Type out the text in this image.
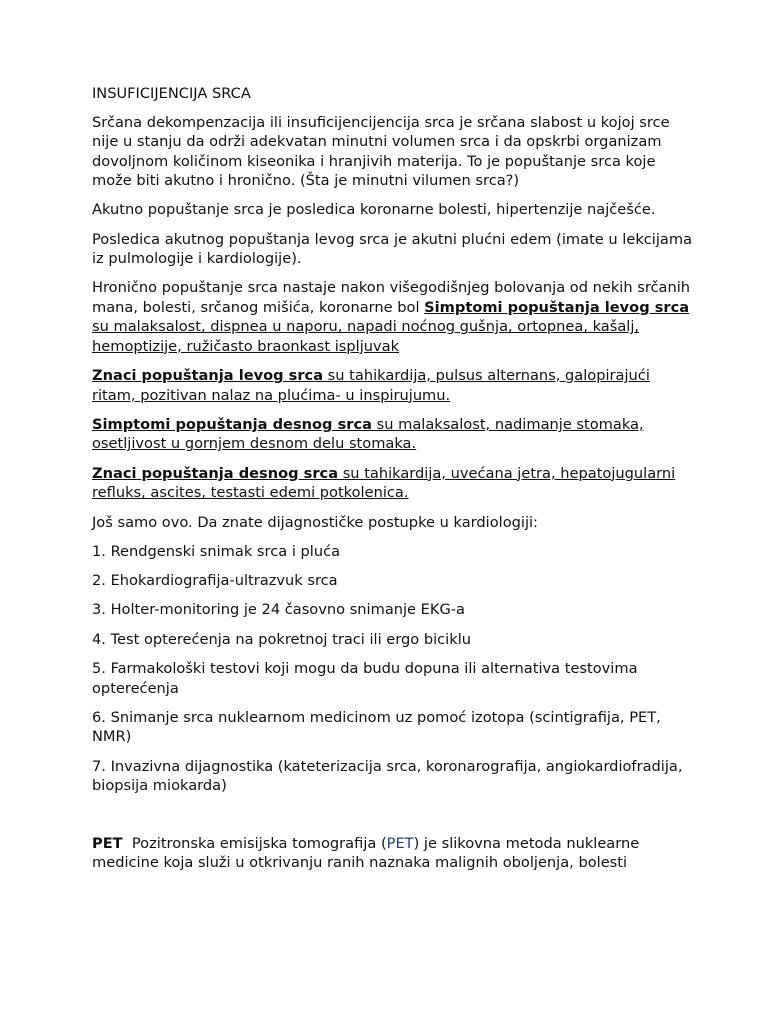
INSUFICIJENCIJA SRCA

Srčana dekompenzacija ili insuficijencijencija srca je srčana slabost u kojoj srce nije u stanju da održi adekvatan minutni volumen srca i da opskrbi organizam dovoljnom količinom kiseonika i hranjivih materija. To je popuštanje srca koje može biti akutno i hronično. (Šta je minutni vilumen srca?)

Akutno popuštanje srca je posledica koronarne bolesti, hipertenzije najčešće.

Posledica akutnog popuštanja levog srca je akutni plućni edem (imate u lekcijama iz pulmologije i kardiologije).

Hronično popuštanje srca nastaje nakon višegodišnjeg bolovanja od nekih srčanih mana, bolesti, srčanog mišića, koronarne bol Simptomi popuštanja levog srca su malaksalost, dispnea u naporu, napadi noćnog gušnja, ortopnea, kašalj, hemoptizije, ružičasto braonkast ispljuvak

Znaci popuštanja levog srca su tahikardija, pulsus alternans, galopirajući ritam, pozitivan nalaz na plućima- u inspirujumu.

Simptomi popuštanja desnog srca su malaksalost, nadimanje stomaka, osetljivost u gornjem desnom delu stomaka.

Znaci popuštanja desnog srca su tahikardija, uvećana jetra, hepatojugularni refluks, ascites, testasti edemi potkolenica.

Još samo ovo. Da znate dijagnostičke postupke u kardiologiji:

1. Rendgenski snimak srca i pluća

2. Ehokardiografija-ultrazvuk srca

3. Holter-monitoring je 24 časovno snimanje EKG-a

4. Test opterećenja na pokretnoj traci ili ergo biciklu

5. Farmakološki testovi koji mogu da budu dopuna ili alternativa testovima opterećenja

6. Snimanje srca nuklearnom medicinom uz pomoć izotopa (scintigrafija, PET, NMR)

7. Invazivna dijagnostika (kateterizacija srca, koronarografija, angiokardiofradija, biopsija miokarda)

PET  Pozitronska emisijska tomografija (PET) je slikovna metoda nuklearne medicine koja služi u otkrivanju ranih naznaka malignih oboljenja, bolesti
